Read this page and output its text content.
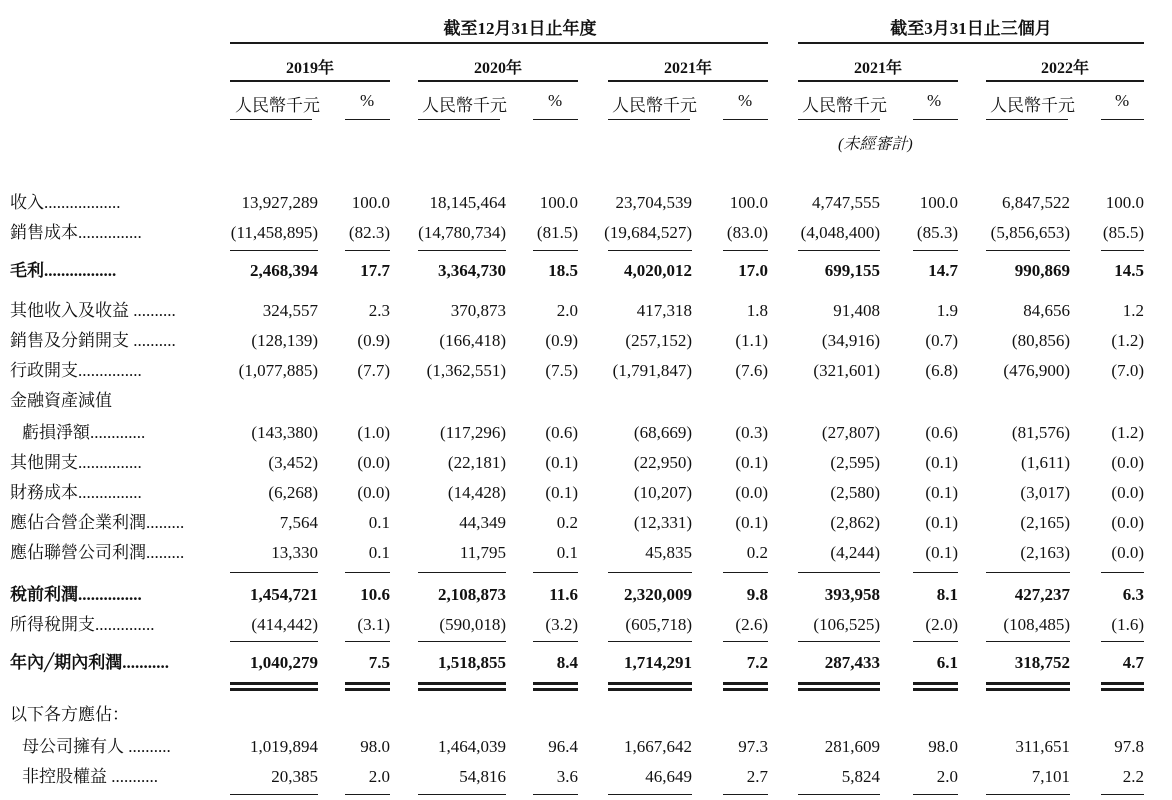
截至12月31日止年度	截至3月31日止三個月
2019年	2020年	2021年	2021年	2022年
人民幣千元 %	人民幣千元 %	人民幣千元 %	人民幣千元 %	人民幣千元 %
(未經審計)
收入..................	13,927,289 100.0 18,145,464 100.0 23,704,539 100.0	4,747,555 100.0	6,847,522 100.0
銷售成本...............	(11,458,895) (82.3) (14,780,734) (81.5) (19,684,527) (83.0) (4,048,400) (85.3) (5,856,653) (85.5)
毛利.................	2,468,394 17.7	3,364,730 18.5	4,020,012	17.0	699,155	14.7	990,869	14.5
其他收入及收益 ..........	324,557	2.3	370,873	2.0	417,318	1.8	91,408	1.9	84,656	1.2
銷售及分銷開支 ..........	(128,139) (0.9)	(166,418) (0.9)	(257,152)	(1.1)	(34,916)	(0.7)	(80,856) (1.2)
行政開支...............	(1,077,885) (7.7) (1,362,551) (7.5) (1,791,847)	(7.6)	(321,601)	(6.8)	(476,900) (7.0)
金融資產減值
虧損淨額.............	(143,380) (1.0)	(117,296) (0.6)	(68,669)	(0.3)	(27,807)	(0.6)	(81,576) (1.2)
其他開支...............	(3,452) (0.0)	(22,181) (0.1)	(22,950)	(0.1)	(2,595)	(0.1)	(1,611) (0.0)
財務成本...............	(6,268) (0.0)	(14,428) (0.1)	(10,207)	(0.0)	(2,580)	(0.1)	(3,017) (0.0)
應佔合營企業利潤.........	7,564	0.1	44,349	0.2	(12,331)	(0.1)	(2,862)	(0.1)	(2,165) (0.0)
應佔聯營公司利潤.........	13,330	0.1	11,795	0.1	45,835	0.2	(4,244)	(0.1)	(2,163) (0.0)
稅前利潤...............	1,454,721 10.6	2,108,873	11.6	2,320,009	9.8	393,958	8.1	427,237	6.3
所得稅開支..............	(414,442) (3.1)	(590,018) (3.2)	(605,718)	(2.6)	(106,525)	(2.0)	(108,485) (1.6)
年內╱期內利潤...........	1,040,279	7.5	1,518,855	8.4	1,714,291	7.2	287,433	6.1	318,752	4.7
以下各方應佔：
母公司擁有人 ..........	1,019,894 98.0	1,464,039 96.4	1,667,642	97.3	281,609	98.0	311,651	97.8
非控股權益 ...........	20,385	2.0	54,816	3.6	46,649	2.7	5,824	2.0	7,101	2.2
